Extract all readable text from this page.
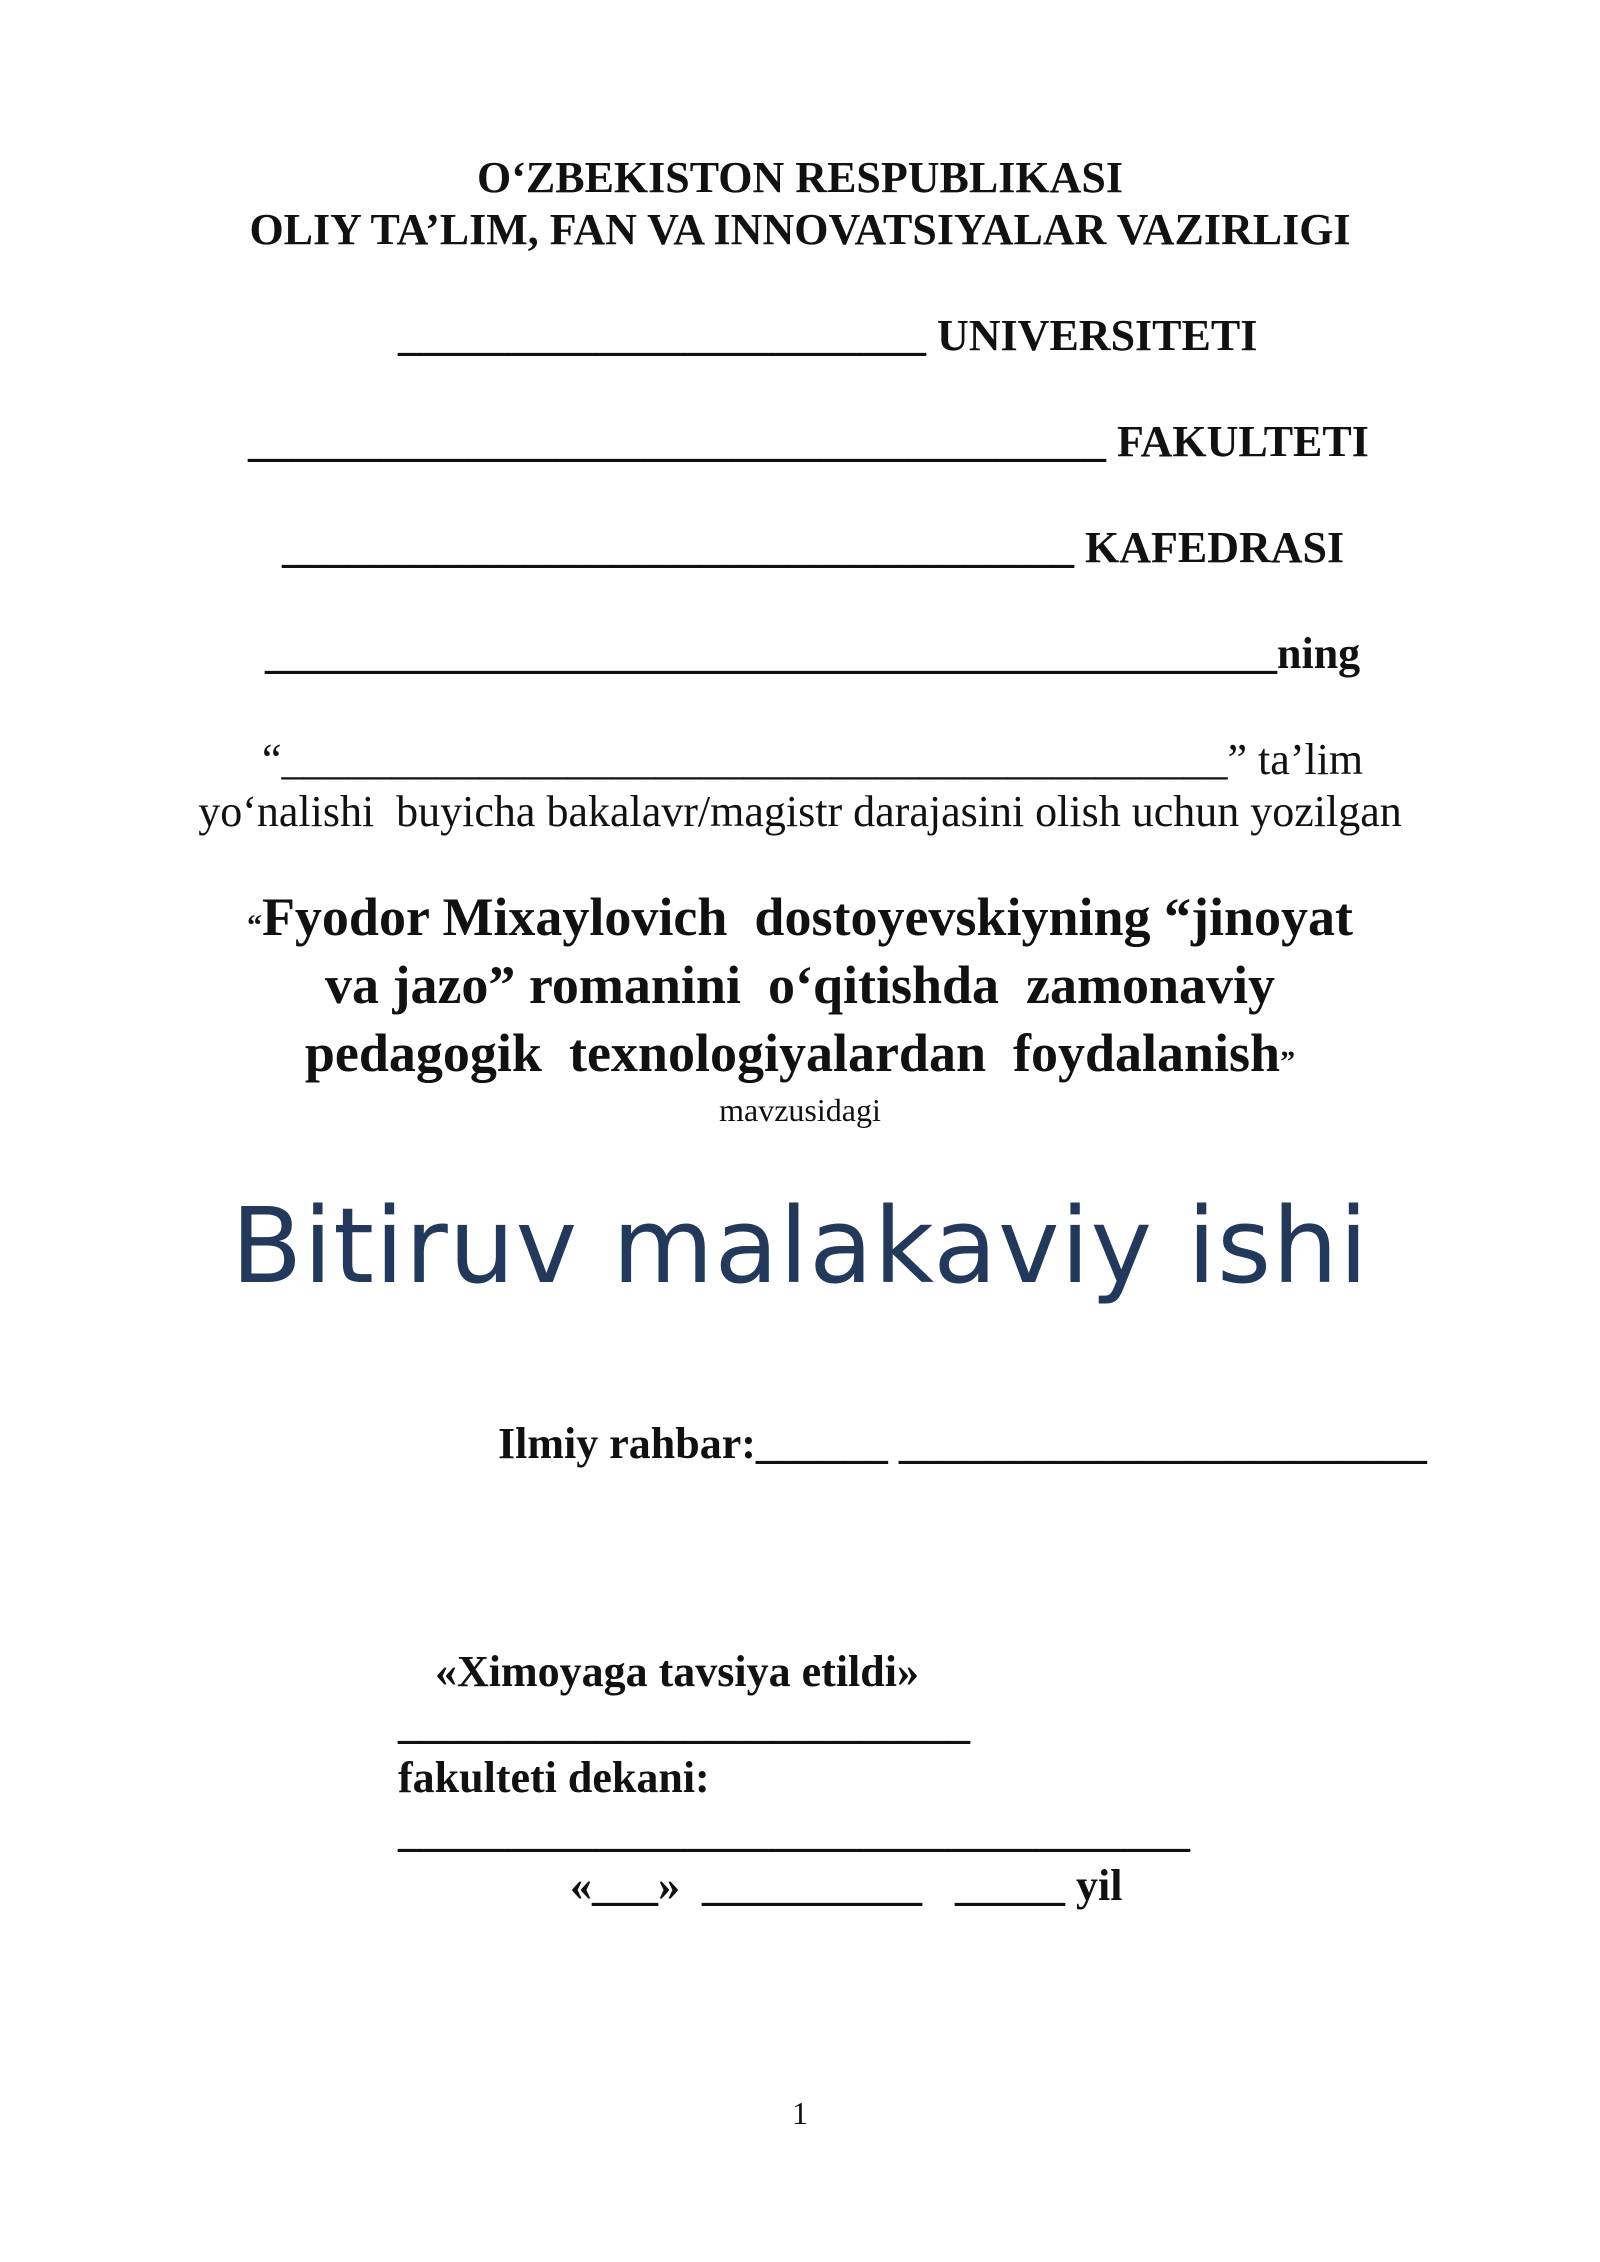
O‘ZBEKISTON RESPUBLIKASI
OLIY TA’LIM, FAN VA INNOVATSIYALAR VAZIRLIGI
________________________ UNIVERSITETI
_______________________________________ FAKULTETI
____________________________________ KAFEDRASI
______________________________________________ning
“___________________________________________” ta’lim
yo‘nalishi  buyicha bakalavr/magistr darajasini olish uchun yozilgan
“Fyodor Mixaylovich  dostoyevskiyning “jinoyat
va jazo” romanini  o‘qitishda  zamonaviy
pedagogik  texnologiyalardan  foydalanish”
mavzusidagi
Bitiruv malakaviy ishi
Ilmiy rahbar:______ ________________________
«Ximoyaga tavsiya etildi»
__________________________
fakulteti dekani:
____________________________________
«___»  __________   _____ yil
1
